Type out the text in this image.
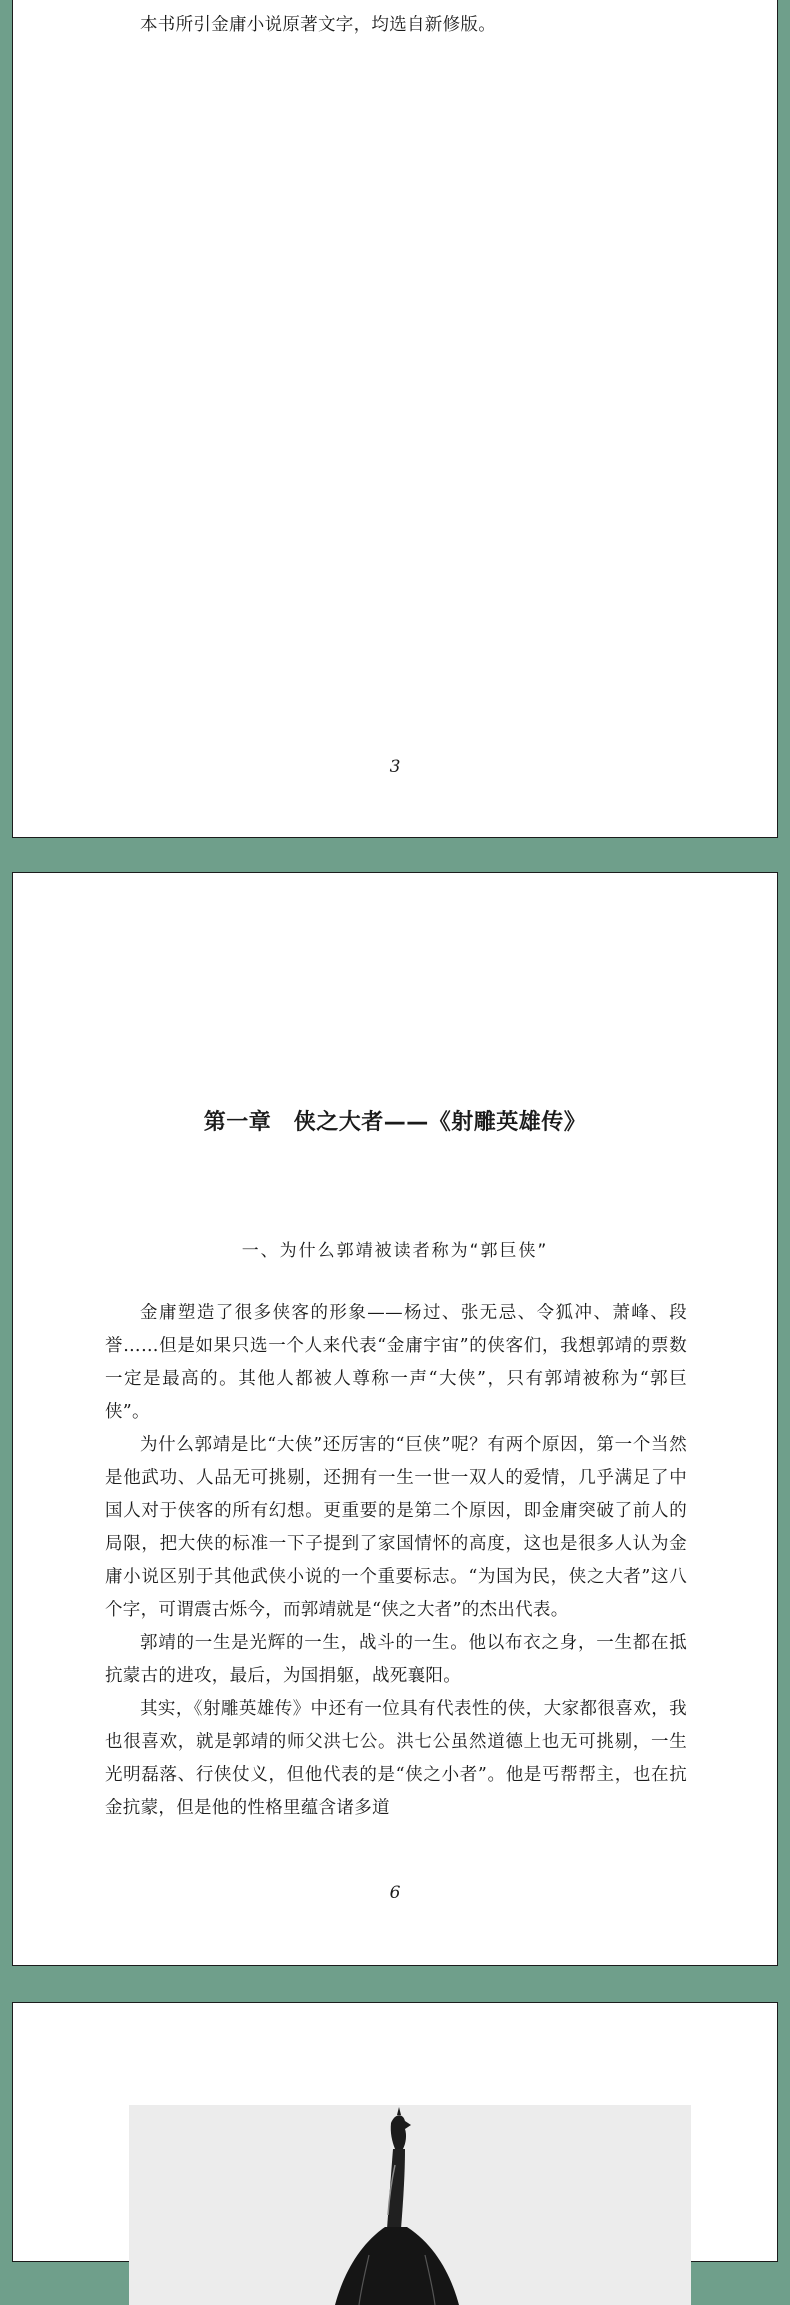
本书所引金庸小说原著文字，均选自新修版。

3
第一章　侠之大者——《射雕英雄传》
一、为什么郭靖被读者称为“郭巨侠”

金庸塑造了很多侠客的形象——杨过、张无忌、令狐冲、萧峰、段誉……但是如果只选一个人来代表“金庸宇宙”的侠客们，我想郭靖的票数一定是最高的。其他人都被人尊称一声“大侠”，只有郭靖被称为“郭巨侠”。

为什么郭靖是比“大侠”还厉害的“巨侠”呢？有两个原因，第一个当然是他武功、人品无可挑剔，还拥有一生一世一双人的爱情，几乎满足了中国人对于侠客的所有幻想。更重要的是第二个原因，即金庸突破了前人的局限，把大侠的标准一下子提到了家国情怀的高度，这也是很多人认为金庸小说区别于其他武侠小说的一个重要标志。“为国为民，侠之大者”这八个字，可谓震古烁今，而郭靖就是“侠之大者”的杰出代表。

郭靖的一生是光辉的一生，战斗的一生。他以布衣之身，一生都在抵抗蒙古的进攻，最后，为国捐躯，战死襄阳。

其实，《射雕英雄传》中还有一位具有代表性的侠，大家都很喜欢，我也很喜欢，就是郭靖的师父洪七公。洪七公虽然道德上也无可挑剔，一生光明磊落、行侠仗义，但他代表的是“侠之小者”。他是丐帮帮主，也在抗金抗蒙，但是他的性格里蕴含诸多道

6
